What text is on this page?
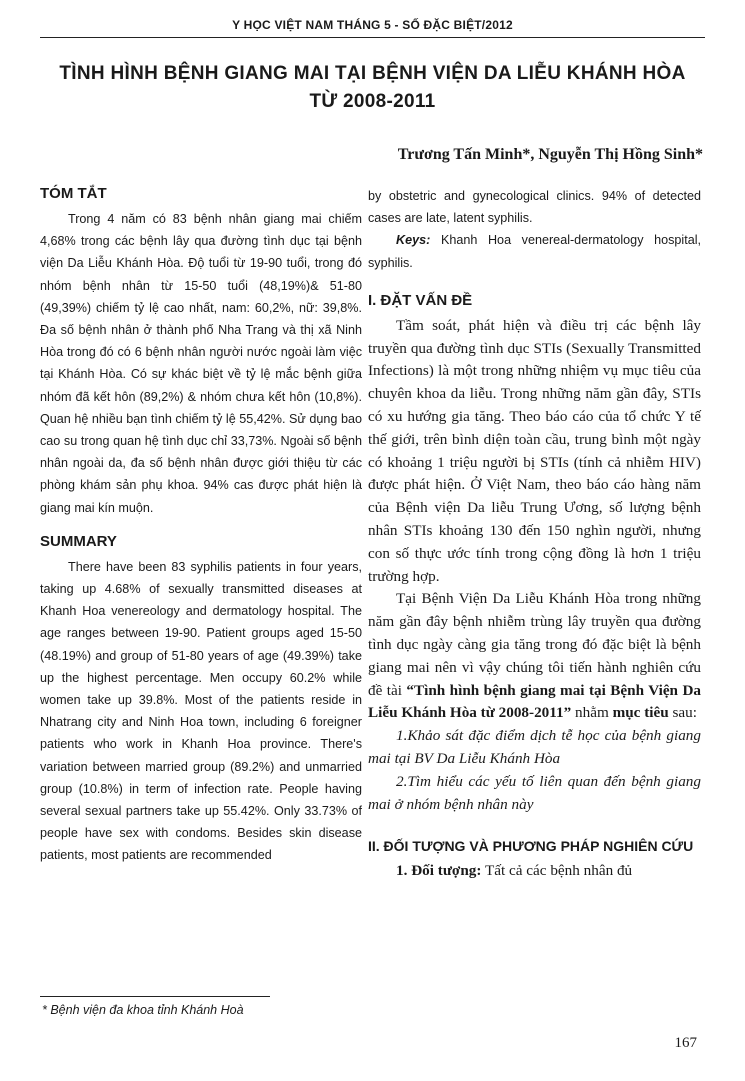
Y HỌC VIỆT NAM THÁNG 5 - SỐ ĐẶC BIỆT/2012
TÌNH HÌNH BỆNH GIANG MAI TẠI BỆNH VIỆN DA LIỄU KHÁNH HÒA
TỪ 2008-2011
Trương Tấn Minh*, Nguyễn Thị Hồng Sinh*
TÓM TẮT

Trong 4 năm có 83 bệnh nhân giang mai chiếm 4,68% trong các bệnh lây qua đường tình dục tại bệnh viện Da Liễu Khánh Hòa. Độ tuổi từ 19-90 tuổi, trong đó nhóm bệnh nhân từ 15-50 tuổi (48,19%)& 51-80 (49,39%) chiếm tỷ lệ cao nhất, nam: 60,2%, nữ: 39,8%. Đa số bệnh nhân ở thành phố Nha Trang và thị xã Ninh Hòa trong đó có 6 bệnh nhân người nước ngoài làm việc tại Khánh Hòa. Có sự khác biệt về tỷ lệ mắc bệnh giữa nhóm đã kết hôn (89,2%) & nhóm chưa kết hôn (10,8%). Quan hệ nhiều bạn tình chiếm tỷ lệ 55,42%. Sử dụng bao cao su trong quan hệ tình dục chỉ 33,73%. Ngoài số bệnh nhân ngoài da, đa số bệnh nhân được giới thiệu từ các phòng khám sản phụ khoa. 94% cas được phát hiện là giang mai kín muộn.

SUMMARY

There have been 83 syphilis patients in four years, taking up 4.68% of sexually transmitted diseases at Khanh Hoa venereology and dermatology hospital. The age ranges between 19-90. Patient groups aged 15-50 (48.19%) and group of 51-80 years of age (49.39%) take up the highest percentage. Men occupy 60.2% while women take up 39.8%. Most of the patients reside in Nhatrang city and Ninh Hoa town, including 6 foreigner patients who work in Khanh Hoa province. There's variation between married group (89.2%) and unmarried group (10.8%) in term of infection rate. People having several sexual partners take up 55.42%. Only 33.73% of people have sex with condoms. Besides skin disease patients, most patients are recommended

by obstetric and gynecological clinics. 94% of detected cases are late, latent syphilis.

Keys: Khanh Hoa venereal-dermatology hospital, syphilis.

I. ĐẶT VẤN ĐỀ

Tầm soát, phát hiện và điều trị các bệnh lây truyền qua đường tình dục STIs (Sexually Transmitted Infections) là một trong những nhiệm vụ mục tiêu của chuyên khoa da liễu. Trong những năm gần đây, STIs có xu hướng gia tăng. Theo báo cáo của tổ chức Y tế thế giới, trên bình diện toàn cầu, trung bình một ngày có khoảng 1 triệu người bị STIs (tính cả nhiễm HIV) được phát hiện. Ở Việt Nam, theo báo cáo hàng năm của Bệnh viện Da liễu Trung Ương, số lượng bệnh nhân STIs khoảng 130 đến 150 nghìn người, nhưng con số thực ước tính trong cộng đồng là hơn 1 triệu trường hợp.

Tại Bệnh Viện Da Liễu Khánh Hòa trong những năm gần đây bệnh nhiễm trùng lây truyền qua đường tình dục ngày càng gia tăng trong đó đặc biệt là bệnh giang mai nên vì vậy chúng tôi tiến hành nghiên cứu đề tài “Tình hình bệnh giang mai tại Bệnh Viện Da Liễu Khánh Hòa từ 2008-2011” nhằm mục tiêu sau:

1.Khảo sát đặc điểm dịch tễ học của bệnh giang mai tại BV Da Liễu Khánh Hòa

2.Tìm hiểu các yếu tố liên quan đến bệnh giang mai ở nhóm bệnh nhân này

II. ĐỐI TƯỢNG VÀ PHƯƠNG PHÁP NGHIÊN CỨU

1. Đối tượng: Tất cả các bệnh nhân đủ

* Bệnh viện đa khoa tỉnh Khánh Hoà
167
